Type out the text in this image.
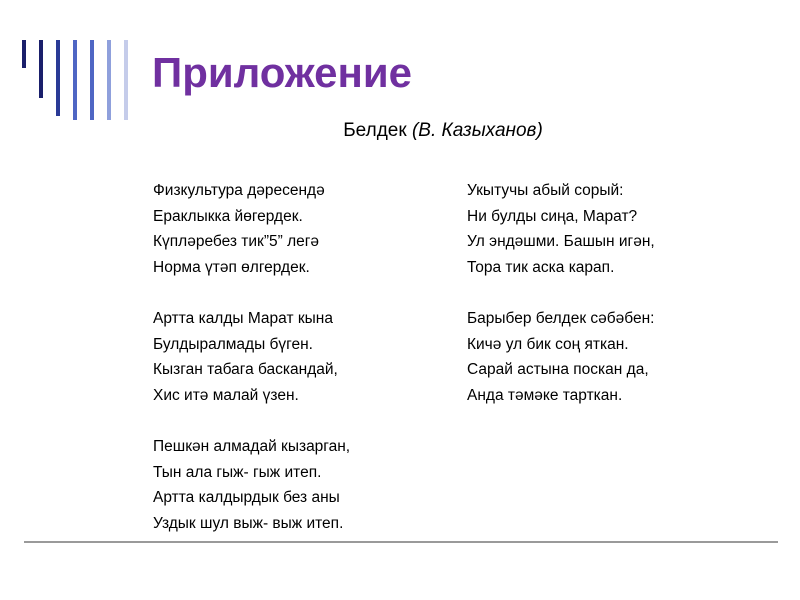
Приложение
Белдек (В. Казыханов)
Физкультура дәресендә
Ераклыкка йөгердек.
Күпләребез тик”5” легә
Норма үтәп өлгердек.
Артта калды Марат кына
Булдыралмады бүген.
Кызган табага баскандай,
Хис итә малай үзен.
Пешкән алмадай кызарган,
Тын ала гыж- гыж итеп.
Артта калдырдык без аны
Уздык шул выж- выж итеп.
Укытучы абый сорый:
Ни булды сиңа, Марат?
Ул эндәшми. Башын игән,
Тора тик аска карап.
Барыбер белдек сәбәбен:
Кичә ул бик соң яткан.
Сарай астына поскан да,
Анда тәмәке тарткан.
